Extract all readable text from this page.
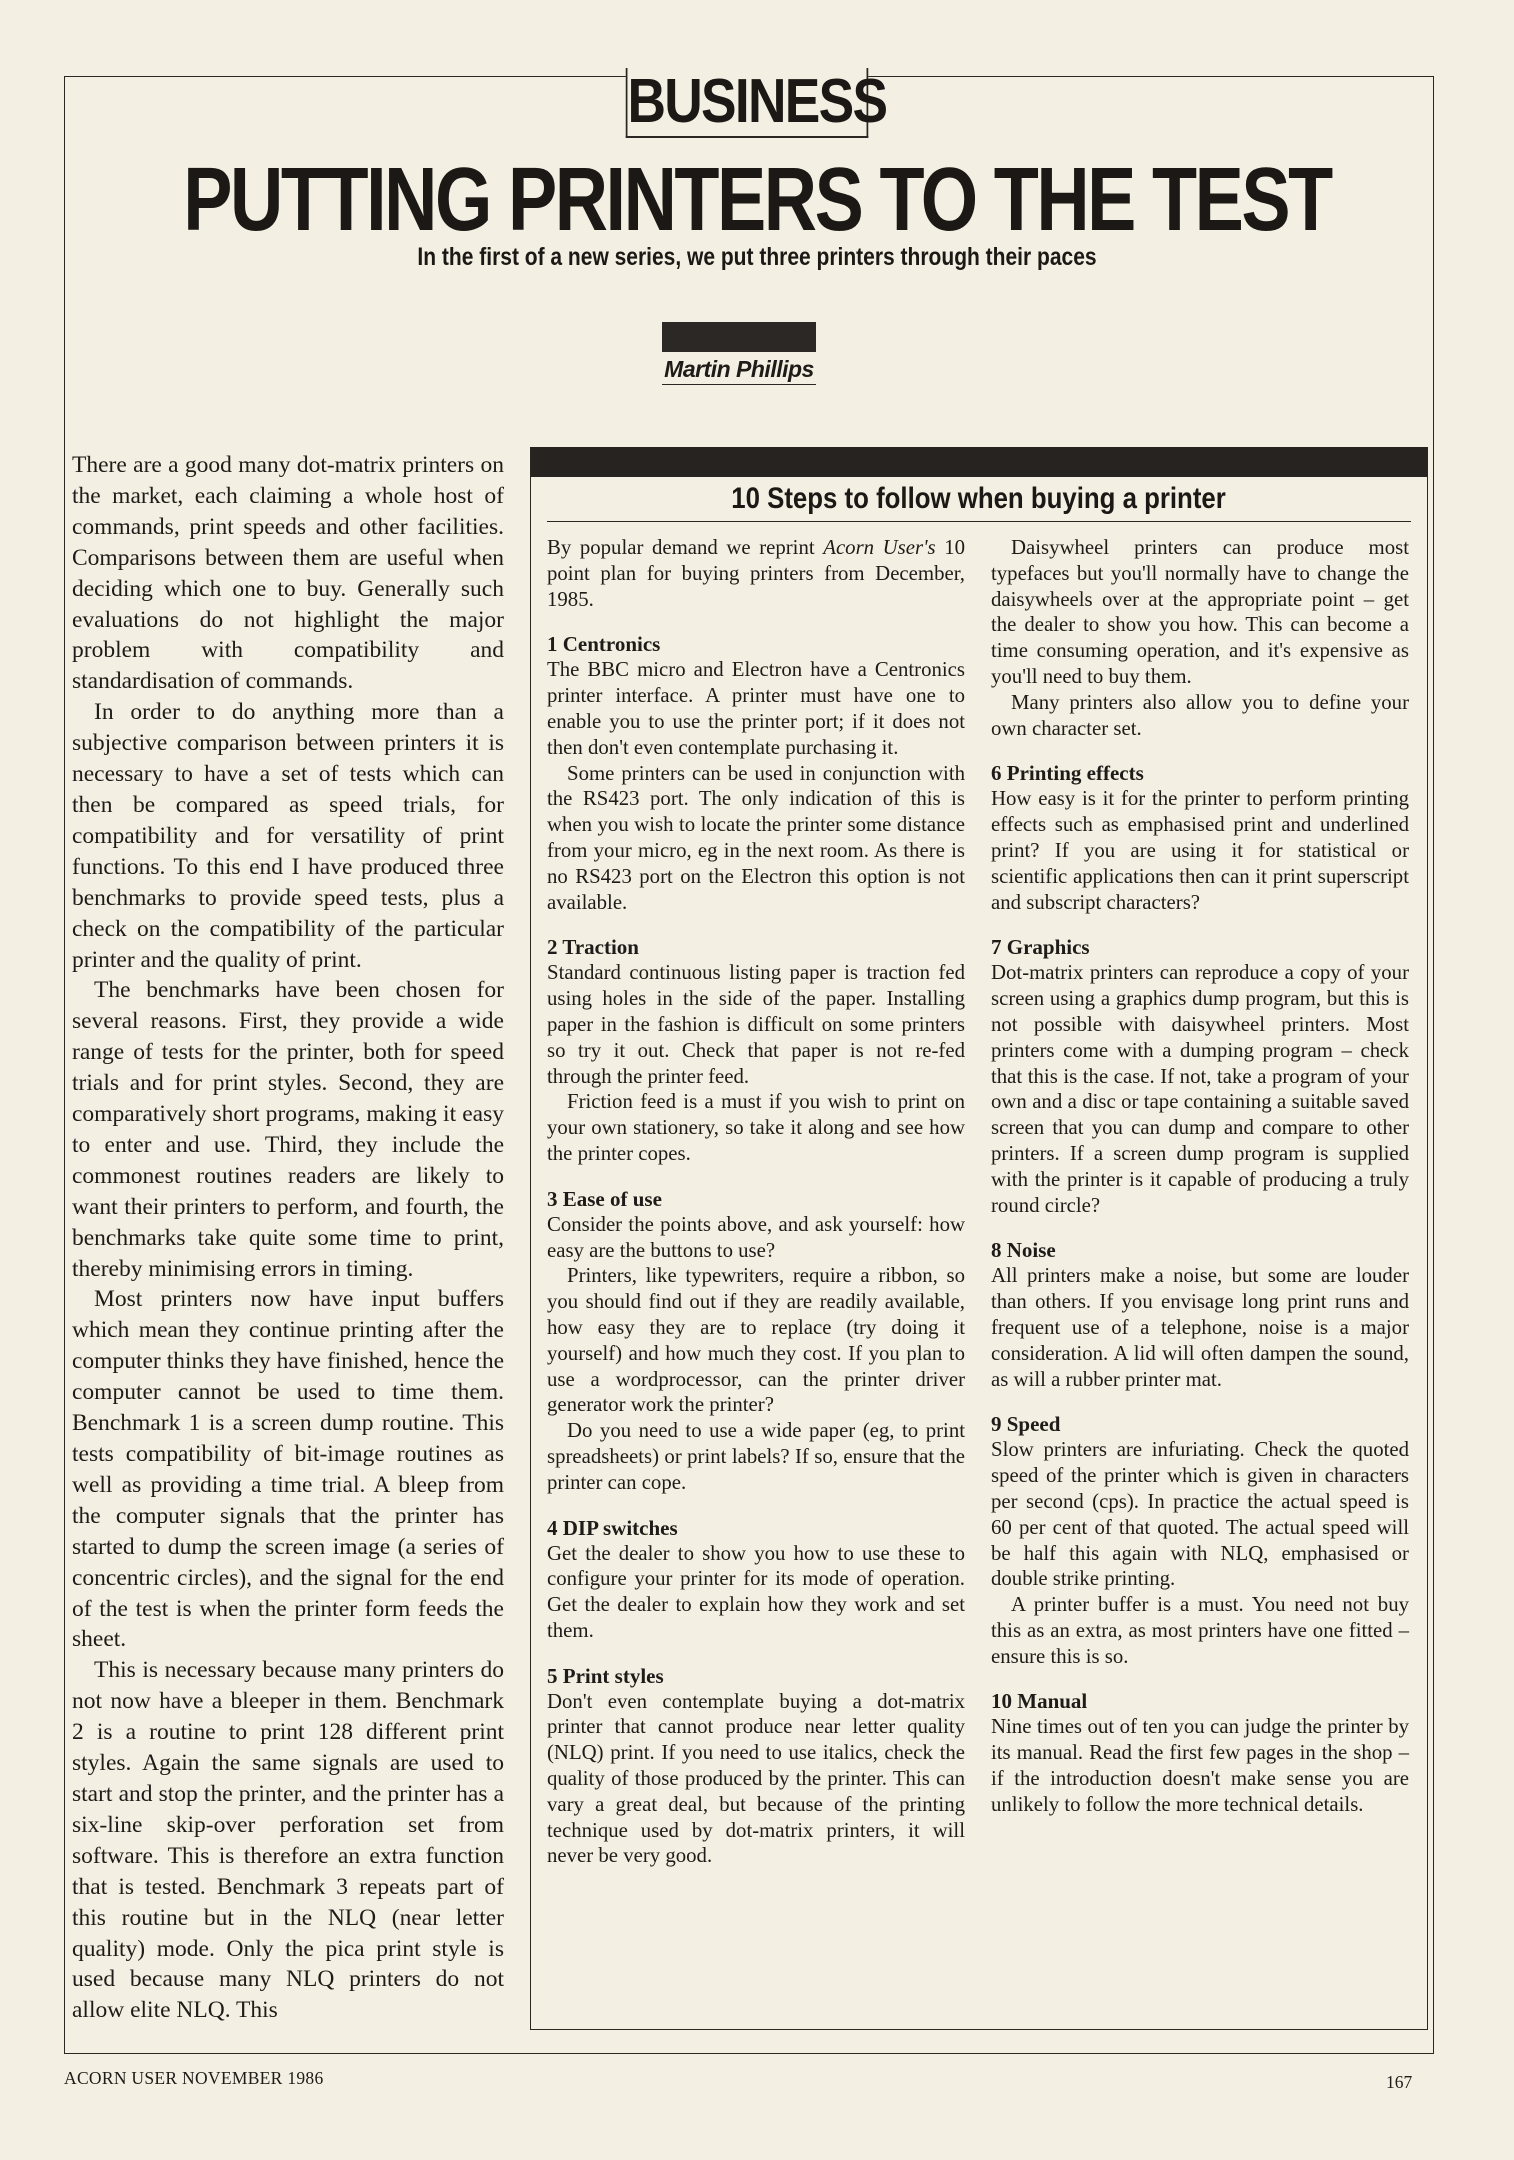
BUSINESS
PUTTING PRINTERS TO THE TEST
In the first of a new series, we put three printers through their paces
Martin Phillips

There are a good many dot-matrix printers on the market, each claiming a whole host of commands, print speeds and other facilities. Comparisons between them are useful when deciding which one to buy. Generally such evaluations do not highlight the major problem with compatibility and standardisation of commands.

In order to do anything more than a subjective comparison between printers it is necessary to have a set of tests which can then be compared as speed trials, for compatibility and for versatility of print functions. To this end I have produced three benchmarks to provide speed tests, plus a check on the compatibility of the particular printer and the quality of print.

The benchmarks have been chosen for several reasons. First, they provide a wide range of tests for the printer, both for speed trials and for print styles. Second, they are comparatively short programs, making it easy to enter and use. Third, they include the commonest routines readers are likely to want their printers to perform, and fourth, the benchmarks take quite some time to print, thereby minimising errors in timing.

Most printers now have input buffers which mean they continue printing after the computer thinks they have finished, hence the computer cannot be used to time them. Benchmark 1 is a screen dump routine. This tests compatibility of bit-image routines as well as providing a time trial. A bleep from the computer signals that the printer has started to dump the screen image (a series of concentric circles), and the signal for the end of the test is when the printer form feeds the sheet.

This is necessary because many printers do not now have a bleeper in them. Benchmark 2 is a routine to print 128 different print styles. Again the same signals are used to start and stop the printer, and the printer has a six-line skip-over perforation set from software. This is therefore an extra function that is tested. Benchmark 3 repeats part of this routine but in the NLQ (near letter quality) mode. Only the pica print style is used because many NLQ printers do not allow elite NLQ. This

10 Steps to follow when buying a printer

By popular demand we reprint Acorn User's 10 point plan for buying printers from December, 1985.

1 Centronics

The BBC micro and Electron have a Centronics printer interface. A printer must have one to enable you to use the printer port; if it does not then don't even contemplate purchasing it.

Some printers can be used in conjunction with the RS423 port. The only indication of this is when you wish to locate the printer some distance from your micro, eg in the next room. As there is no RS423 port on the Electron this option is not available.

2 Traction

Standard continuous listing paper is traction fed using holes in the side of the paper. Installing paper in the fashion is difficult on some printers so try it out. Check that paper is not re-fed through the printer feed.

Friction feed is a must if you wish to print on your own stationery, so take it along and see how the printer copes.

3 Ease of use

Consider the points above, and ask yourself: how easy are the buttons to use?

Printers, like typewriters, require a ribbon, so you should find out if they are readily available, how easy they are to replace (try doing it yourself) and how much they cost. If you plan to use a wordprocessor, can the printer driver generator work the printer?

Do you need to use a wide paper (eg, to print spreadsheets) or print labels? If so, ensure that the printer can cope.

4 DIP switches

Get the dealer to show you how to use these to configure your printer for its mode of operation. Get the dealer to explain how they work and set them.

5 Print styles

Don't even contemplate buying a dot-matrix printer that cannot produce near letter quality (NLQ) print. If you need to use italics, check the quality of those produced by the printer. This can vary a great deal, but because of the printing technique used by dot-matrix printers, it will never be very good.

Daisywheel printers can produce most typefaces but you'll normally have to change the daisywheels over at the appropriate point – get the dealer to show you how. This can become a time consuming operation, and it's expensive as you'll need to buy them.

Many printers also allow you to define your own character set.

6 Printing effects

How easy is it for the printer to perform printing effects such as emphasised print and underlined print? If you are using it for statistical or scientific applications then can it print superscript and subscript characters?

7 Graphics

Dot-matrix printers can reproduce a copy of your screen using a graphics dump program, but this is not possible with daisywheel printers. Most printers come with a dumping program – check that this is the case. If not, take a program of your own and a disc or tape containing a suitable saved screen that you can dump and compare to other printers. If a screen dump program is supplied with the printer is it capable of producing a truly round circle?

8 Noise

All printers make a noise, but some are louder than others. If you envisage long print runs and frequent use of a telephone, noise is a major consideration. A lid will often dampen the sound, as will a rubber printer mat.

9 Speed

Slow printers are infuriating. Check the quoted speed of the printer which is given in characters per second (cps). In practice the actual speed is 60 per cent of that quoted. The actual speed will be half this again with NLQ, emphasised or double strike printing.

A printer buffer is a must. You need not buy this as an extra, as most printers have one fitted – ensure this is so.

10 Manual

Nine times out of ten you can judge the printer by its manual. Read the first few pages in the shop – if the introduction doesn't make sense you are unlikely to follow the more technical details.

ACORN USER NOVEMBER 1986	167
